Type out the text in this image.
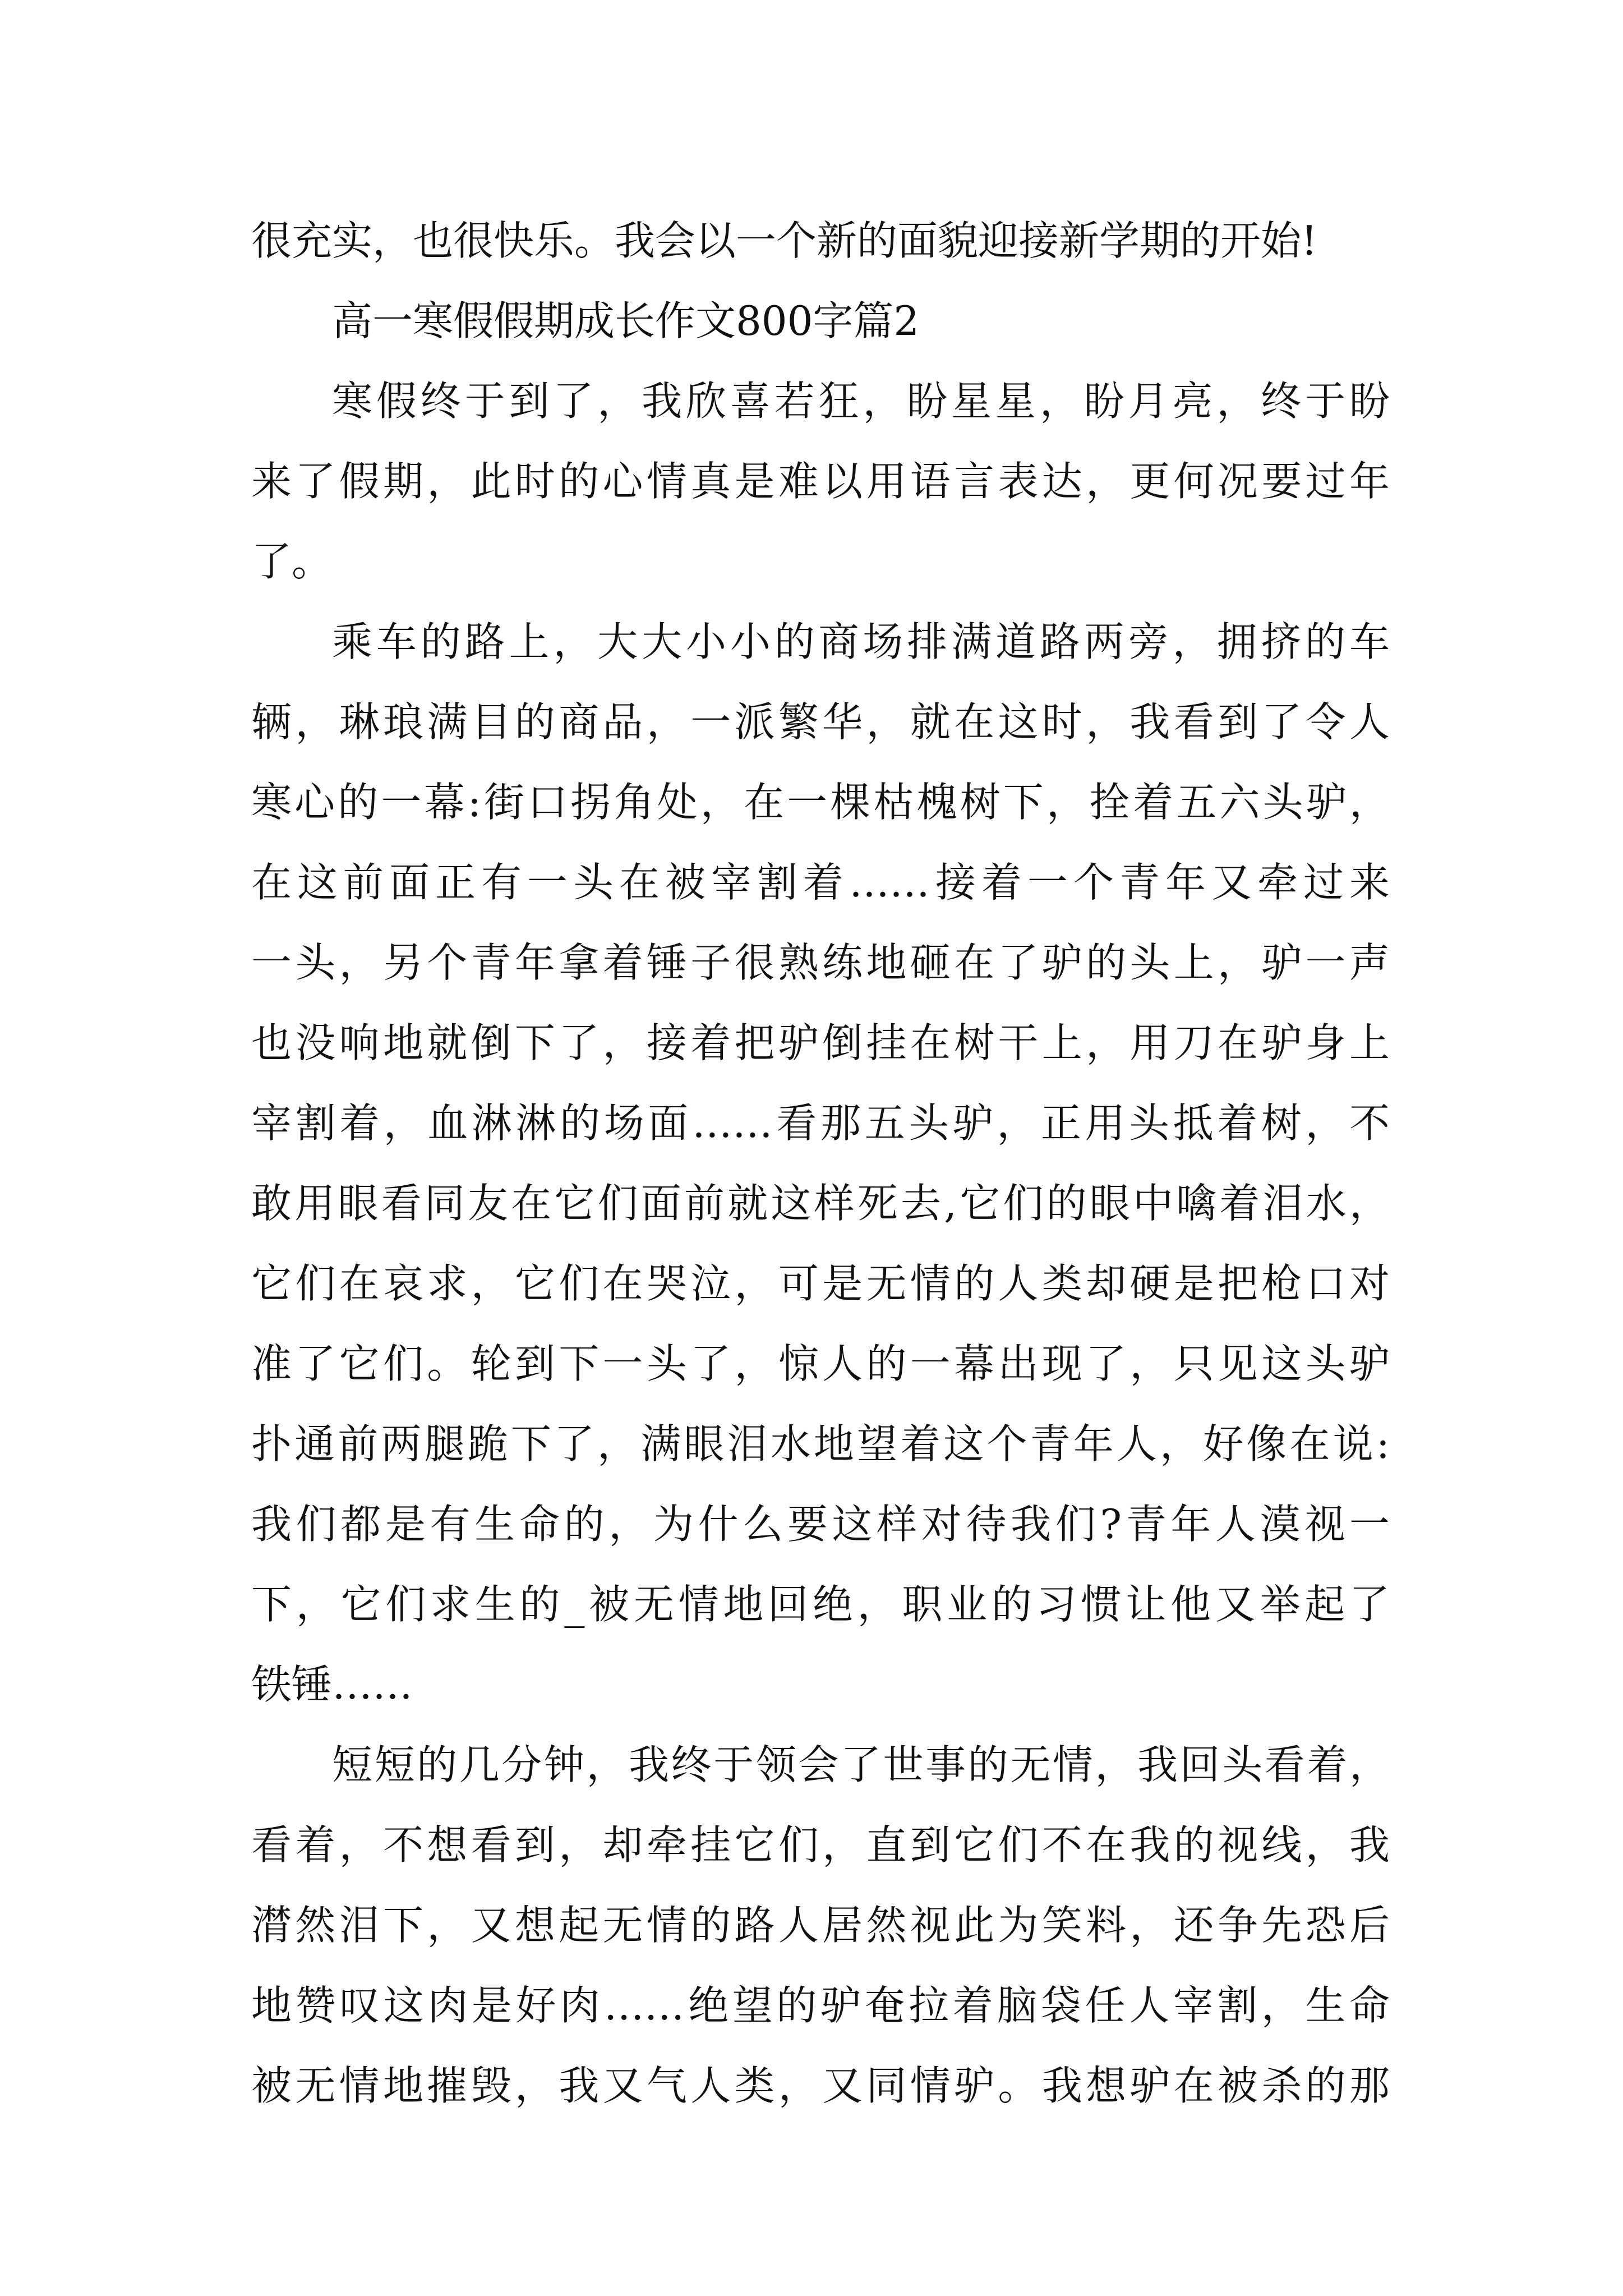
很充实，也很快乐。我会以一个新的面貌迎接新学期的开始!
高一寒假假期成长作文800字篇2
寒假终于到了，我欣喜若狂，盼星星，盼月亮，终于盼
来了假期，此时的心情真是难以用语言表达，更何况要过年
了。
乘车的路上，大大小小的商场排满道路两旁，拥挤的车
辆，琳琅满目的商品，一派繁华，就在这时，我看到了令人
寒心的一幕:街口拐角处，在一棵枯槐树下，拴着五六头驴，
在这前面正有一头在被宰割着……接着一个青年又牵过来
一头，另个青年拿着锤子很熟练地砸在了驴的头上，驴一声
也没响地就倒下了，接着把驴倒挂在树干上，用刀在驴身上
宰割着，血淋淋的场面……看那五头驴，正用头抵着树，不
敢用眼看同友在它们面前就这样死去,它们的眼中噙着泪水，
它们在哀求，它们在哭泣，可是无情的人类却硬是把枪口对
准了它们。轮到下一头了，惊人的一幕出现了，只见这头驴
扑通前两腿跪下了，满眼泪水地望着这个青年人，好像在说:
我们都是有生命的，为什么要这样对待我们?青年人漠视一
下，它们求生的_被无情地回绝，职业的习惯让他又举起了
铁锤……
短短的几分钟，我终于领会了世事的无情，我回头看着，
看着，不想看到，却牵挂它们，直到它们不在我的视线，我
潸然泪下，又想起无情的路人居然视此为笑料，还争先恐后
地赞叹这肉是好肉……绝望的驴奄拉着脑袋任人宰割，生命
被无情地摧毁，我又气人类，又同情驴。我想驴在被杀的那
